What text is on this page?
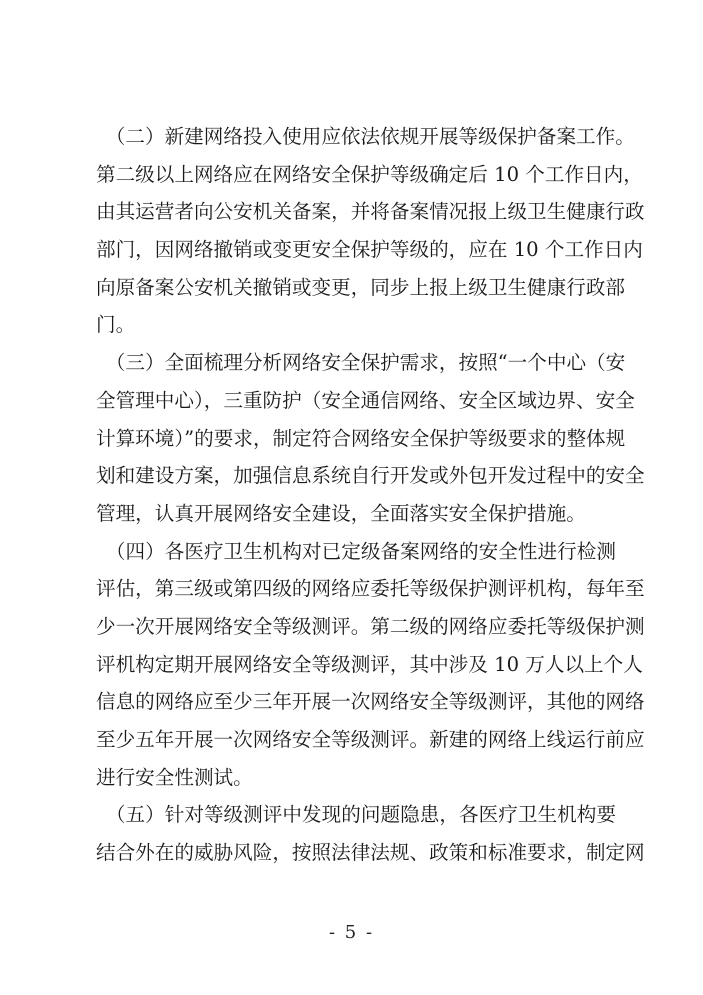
　（二）新建网络投入使用应依法依规开展等级保护备案工作。
第二级以上网络应在网络安全保护等级确定后 10 个工作日内，
由其运营者向公安机关备案，并将备案情况报上级卫生健康行政
部门，因网络撤销或变更安全保护等级的，应在 10 个工作日内
向原备案公安机关撤销或变更，同步上报上级卫生健康行政部
门。
　（三）全面梳理分析网络安全保护需求，按照“一个中心（安
全管理中心），三重防护（安全通信网络、安全区域边界、安全
计算环境）”的要求，制定符合网络安全保护等级要求的整体规
划和建设方案，加强信息系统自行开发或外包开发过程中的安全
管理，认真开展网络安全建设，全面落实安全保护措施。
　（四）各医疗卫生机构对已定级备案网络的安全性进行检测
评估，第三级或第四级的网络应委托等级保护测评机构，每年至
少一次开展网络安全等级测评。第二级的网络应委托等级保护测
评机构定期开展网络安全等级测评，其中涉及 10 万人以上个人
信息的网络应至少三年开展一次网络安全等级测评，其他的网络
至少五年开展一次网络安全等级测评。新建的网络上线运行前应
进行安全性测试。
　（五）针对等级测评中发现的问题隐患，各医疗卫生机构要
结合外在的威胁风险，按照法律法规、政策和标准要求，制定网
- 5 -
